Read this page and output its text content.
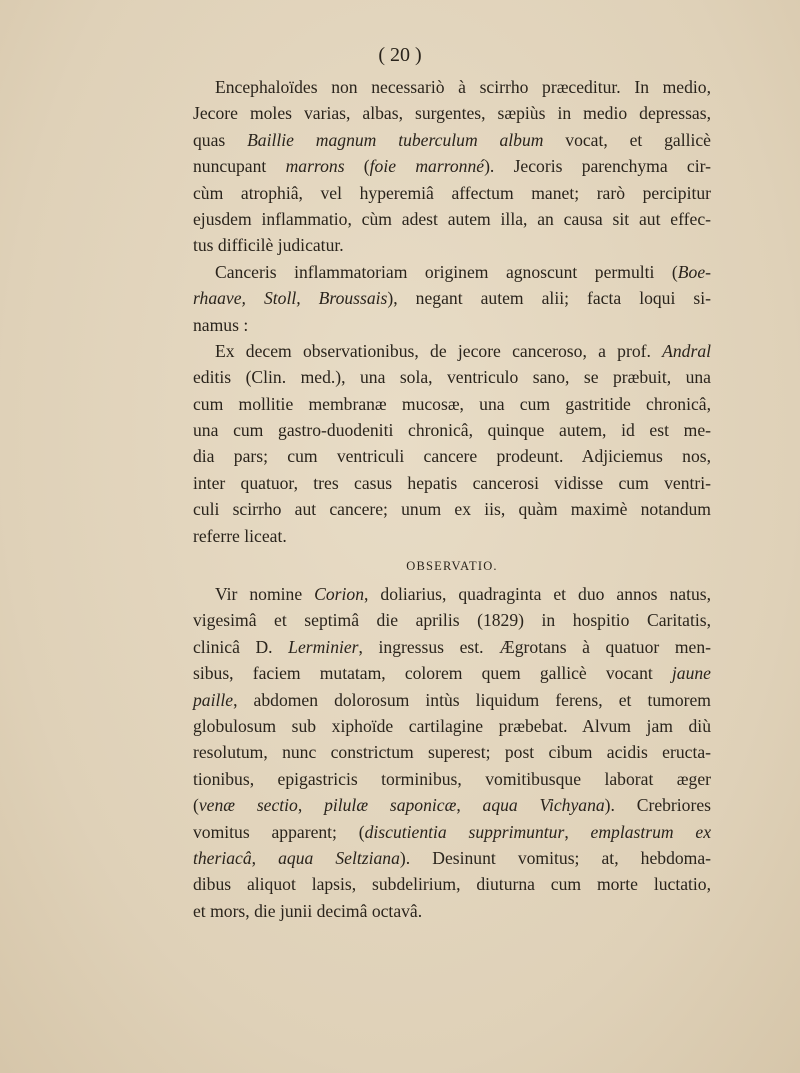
( 20 )
Encephaloïdes non necessariò à scirrho præceditur. In medio,
Jecore moles varias, albas, surgentes, sæpiùs in medio depressas,
quas Baillie magnum tuberculum album vocat, et gallicè
nuncupant marrons (foie marronné). Jecoris parenchyma cir-
cùm atrophiâ, vel hyperemiâ affectum manet; rarò percipitur
ejusdem inflammatio, cùm adest autem illa, an causa sit aut effec-
tus difficilè judicatur.
Canceris inflammatoriam originem agnoscunt permulti (Boe-
rhaave, Stoll, Broussais), negant autem alii; facta loqui si-
namus :
Ex decem observationibus, de jecore canceroso, a prof. Andral
editis (Clin. med.), una sola, ventriculo sano, se præbuit, una
cum mollitie membranæ mucosæ, una cum gastritide chronicâ,
una cum gastro-duodeniti chronicâ, quinque autem, id est me-
dia pars; cum ventriculi cancere prodeunt. Adjiciemus nos,
inter quatuor, tres casus hepatis cancerosi vidisse cum ventri-
culi scirrho aut cancere; unum ex iis, quàm maximè notandum
referre liceat.
OBSERVATIO.
Vir nomine Corion, doliarius, quadraginta et duo annos natus,
vigesimâ et septimâ die aprilis (1829) in hospitio Caritatis,
clinicâ D. Lerminier, ingressus est. Ægrotans à quatuor men-
sibus, faciem mutatam, colorem quem gallicè vocant jaune
paille, abdomen dolorosum intùs liquidum ferens, et tumorem
globulosum sub xiphoïde cartilagine præbebat. Alvum jam diù
resolutum, nunc constrictum superest; post cibum acidis eructa-
tionibus, epigastricis torminibus, vomitibusque laborat æger
(venæ sectio, pilulæ saponicæ, aqua Vichyana). Crebriores
vomitus apparent; (discutientia supprimuntur, emplastrum ex
theriacâ, aqua Seltziana). Desinunt vomitus; at, hebdoma-
dibus aliquot lapsis, subdelirium, diuturna cum morte luctatio,
et mors, die junii decimâ octavâ.
